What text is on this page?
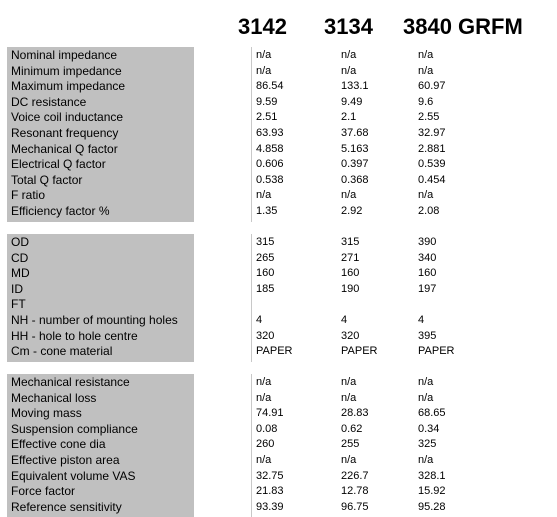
3142 3134 3840 GRFM
Nominal impedance	n/a	n/a	n/a
Minimum impedance	n/a	n/a	n/a
Maximum impedance	86.54	133.1	60.97
DC resistance	9.59	9.49	9.6
Voice coil inductance	2.51	2.1	2.55
Resonant frequency	63.93	37.68	32.97
Mechanical Q factor	4.858	5.163	2.881
Electrical Q factor	0.606	0.397	0.539
Total Q factor	0.538	0.368	0.454
F ratio	n/a	n/a	n/a
Efficiency factor %	1.35	2.92	2.08
OD	315	315	390
CD	265	271	340
MD	160	160	160
ID	185	190	197
FT
NH - number of mounting holes	4	4	4
HH - hole to hole centre	320	320	395
Cm - cone material	PAPER	PAPER	PAPER
Mechanical resistance	n/a	n/a	n/a
Mechanical loss	n/a	n/a	n/a
Moving mass	74.91	28.83	68.65
Suspension compliance	0.08	0.62	0.34
Effective cone dia	260	255	325
Effective piston area	n/a	n/a	n/a
Equivalent volume VAS	32.75	226.7	328.1
Force factor	21.83	12.78	15.92
Reference sensitivity	93.39	96.75	95.28
